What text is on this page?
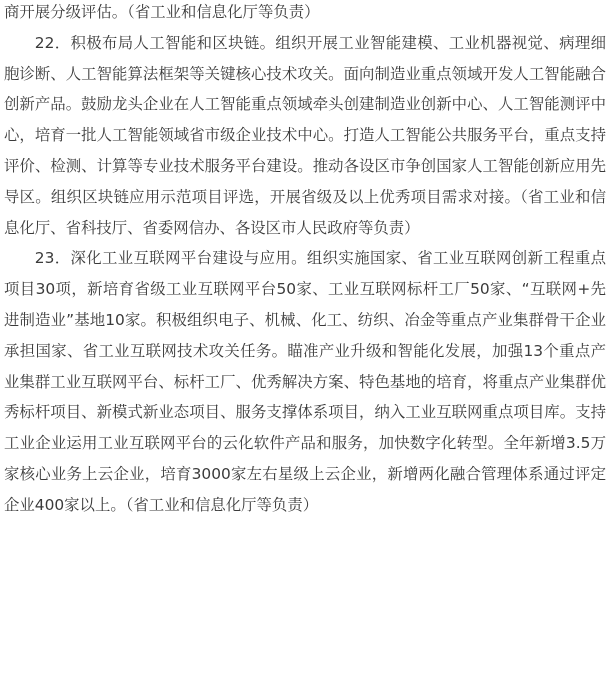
商开展分级评估。（省工业和信息化厅等负责）

22．积极布局人工智能和区块链。组织开展工业智能建模、工业机器视觉、病理细胞诊断、人工智能算法框架等关键核心技术攻关。面向制造业重点领域开发人工智能融合创新产品。鼓励龙头企业在人工智能重点领域牵头创建制造业创新中心、人工智能测评中心，培育一批人工智能领域省市级企业技术中心。打造人工智能公共服务平台，重点支持评价、检测、计算等专业技术服务平台建设。推动各设区市争创国家人工智能创新应用先导区。组织区块链应用示范项目评选，开展省级及以上优秀项目需求对接。（省工业和信息化厅、省科技厅、省委网信办、各设区市人民政府等负责）

23．深化工业互联网平台建设与应用。组织实施国家、省工业互联网创新工程重点项目30项，新培育省级工业互联网平台50家、工业互联网标杆工厂50家、“互联网+先进制造业”基地10家。积极组织电子、机械、化工、纺织、冶金等重点产业集群骨干企业承担国家、省工业互联网技术攻关任务。瞄准产业升级和智能化发展，加强13个重点产业集群工业互联网平台、标杆工厂、优秀解决方案、特色基地的培育，将重点产业集群优秀标杆项目、新模式新业态项目、服务支撑体系项目，纳入工业互联网重点项目库。支持工业企业运用工业互联网平台的云化软件产品和服务，加快数字化转型。全年新增3.5万家核心业务上云企业，培育3000家左右星级上云企业，新增两化融合管理体系通过评定企业400家以上。（省工业和信息化厅等负责）
